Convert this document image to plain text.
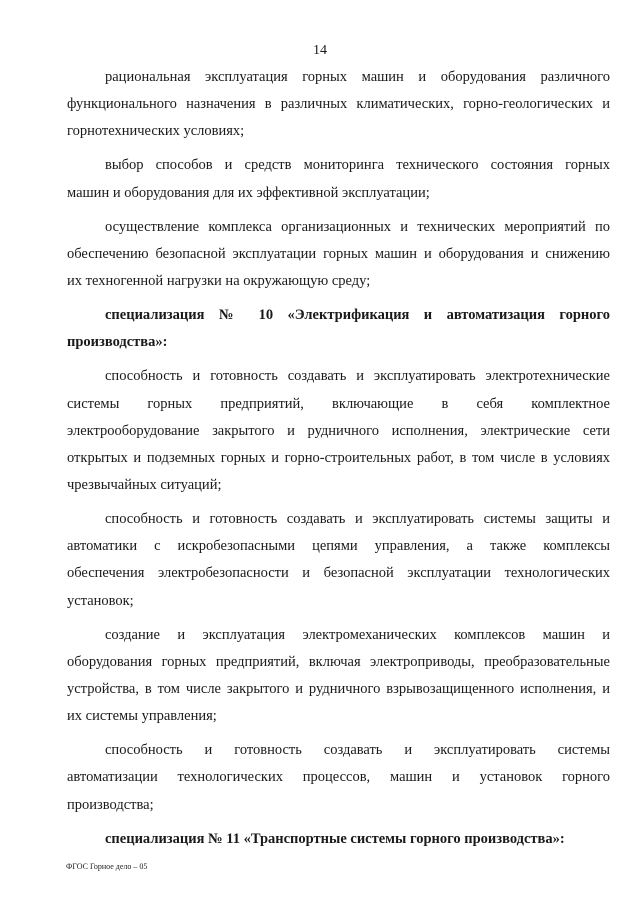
14
рациональная эксплуатация горных машин и оборудования различного
функционального назначения в различных климатических, горно-геологических и
горнотехнических условиях;
выбор способов и средств мониторинга технического состояния горных
машин и оборудования для их эффективной эксплуатации;
осуществление комплекса организационных и технических мероприятий по
обеспечению безопасной эксплуатации горных машин и оборудования и снижению
их техногенной нагрузки на окружающую среду;
специализация № 10 «Электрификация и автоматизация горного
производства»:
способность и готовность создавать и эксплуатировать электротехнические
системы горных предприятий, включающие в себя комплектное
электрооборудование закрытого и рудничного исполнения, электрические сети
открытых и подземных горных и горно-строительных работ, в том числе в условиях
чрезвычайных ситуаций;
способность и готовность создавать и эксплуатировать системы защиты и
автоматики с искробезопасными цепями управления, а также комплексы
обеспечения электробезопасности и безопасной эксплуатации технологических
установок;
создание и эксплуатация электромеханических комплексов машин и
оборудования горных предприятий, включая электроприводы, преобразовательные
устройства, в том числе закрытого и рудничного взрывозащищенного исполнения, и
их системы управления;
способность и готовность создавать и эксплуатировать системы
автоматизации технологических процессов, машин и установок горного
производства;
специализация № 11 «Транспортные системы горного производства»:
ФГОС Горное дело – 05
